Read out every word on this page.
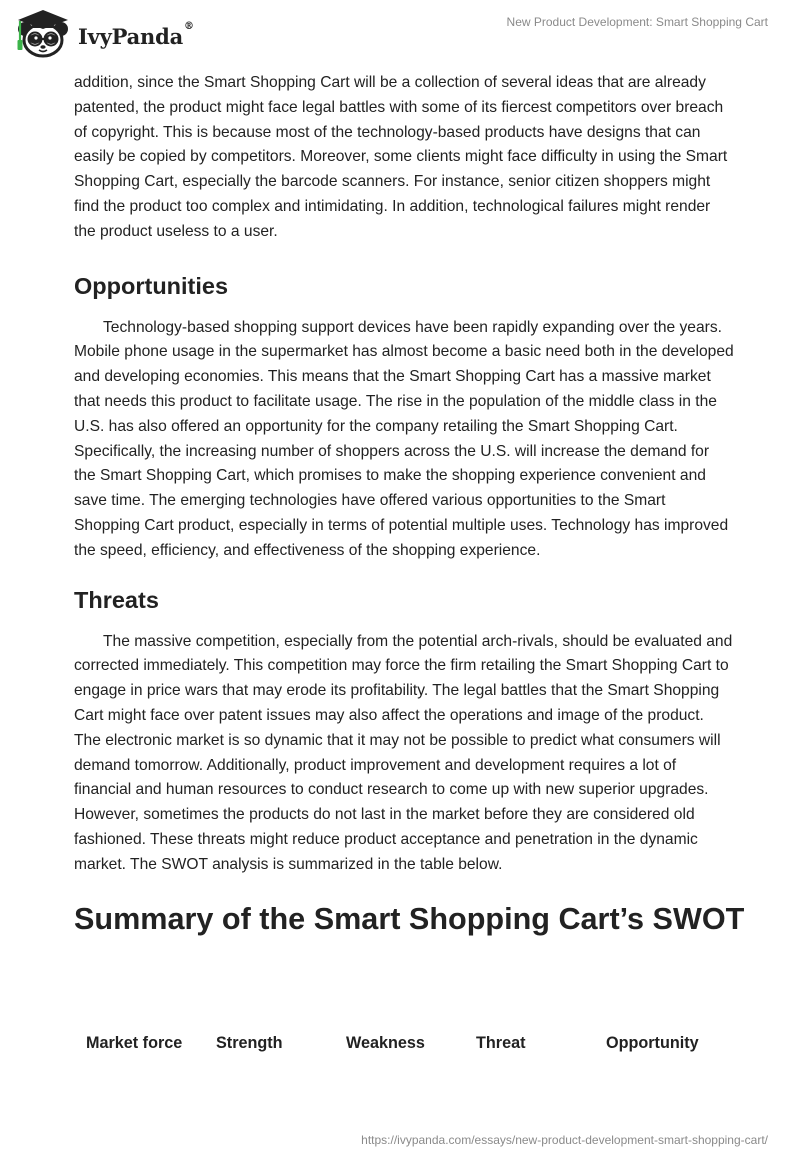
IvyPanda®	New Product Development: Smart Shopping Cart

addition, since the Smart Shopping Cart will be a collection of several ideas that are already patented, the product might face legal battles with some of its fiercest competitors over breach of copyright. This is because most of the technology-based products have designs that can easily be copied by competitors. Moreover, some clients might face difficulty in using the Smart Shopping Cart, especially the barcode scanners. For instance, senior citizen shoppers might find the product too complex and intimidating. In addition, technological failures might render the product useless to a user.

Opportunities

Technology-based shopping support devices have been rapidly expanding over the years. Mobile phone usage in the supermarket has almost become a basic need both in the developed and developing economies. This means that the Smart Shopping Cart has a massive market that needs this product to facilitate usage. The rise in the population of the middle class in the U.S. has also offered an opportunity for the company retailing the Smart Shopping Cart. Specifically, the increasing number of shoppers across the U.S. will increase the demand for the Smart Shopping Cart, which promises to make the shopping experience convenient and save time. The emerging technologies have offered various opportunities to the Smart Shopping Cart product, especially in terms of potential multiple uses. Technology has improved the speed, efficiency, and effectiveness of the shopping experience.

Threats

The massive competition, especially from the potential arch-rivals, should be evaluated and corrected immediately. This competition may force the firm retailing the Smart Shopping Cart to engage in price wars that may erode its profitability. The legal battles that the Smart Shopping Cart might face over patent issues may also affect the operations and image of the product. The electronic market is so dynamic that it may not be possible to predict what consumers will demand tomorrow. Additionally, product improvement and development requires a lot of financial and human resources to conduct research to come up with new superior upgrades. However, sometimes the products do not last in the market before they are considered old fashioned. These threats might reduce product acceptance and penetration in the dynamic market. The SWOT analysis is summarized in the table below.

Summary of the Smart Shopping Cart’s SWOT
Market force	Strength	Weakness	Threat	Opportunity
https://ivypanda.com/essays/new-product-development-smart-shopping-cart/
